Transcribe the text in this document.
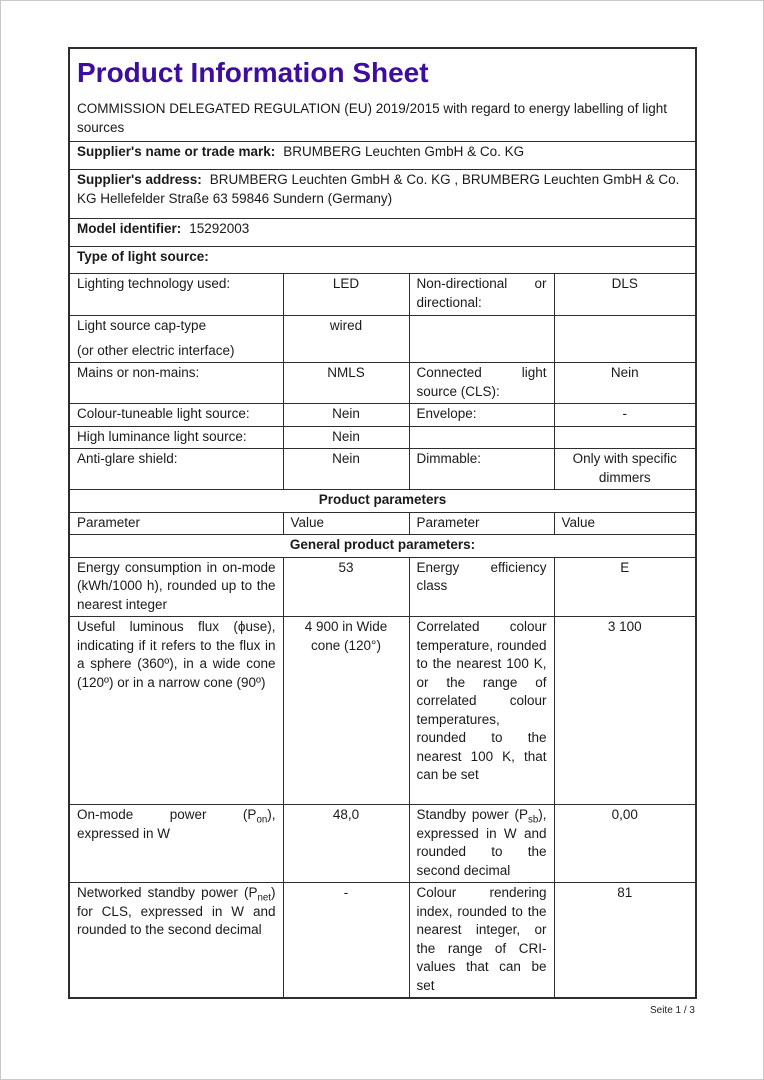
Product Information Sheet

COMMISSION DELEGATED REGULATION (EU) 2019/2015 with regard to energy labelling of light sources			

Supplier's name or trade mark: BRUMBERG Leuchten GmbH & Co. KG			
Supplier's address: BRUMBERG Leuchten GmbH & Co. KG , BRUMBERG Leuchten GmbH & Co. KG Hellefelder Straße 63 59846 Sundern (Germany)			
Model identifier: 15292003			
Type of light source:			
Lighting technology used:	LED	Non-directional or directional:	DLS

Light source cap-type
(or other electric interface)	wired		
Mains or non-mains:	NMLS	Connected light source (CLS):	Nein
Colour-tuneable light source:	Nein	Envelope:	-
High luminance light source:	Nein		
Anti-glare shield:	Nein	Dimmable:	Only with specific dimmers
Product parameters			
Parameter	Value	Parameter	Value
General product parameters:			
Energy consumption in on-mode (kWh/1000 h), rounded up to the nearest integer	53	Energy efficiency class	E
Useful luminous flux (ϕuse), indicating if it refers to the flux in a sphere (360º), in a wide cone (120º) or in a narrow cone (90º)	4 900 in Wide cone (120°)	Correlated colour temperature, rounded to the nearest 100 K, or the range of correlated colour temperatures, rounded to the nearest 100 K, that can be set	3 100
On-mode power $(P_{on})$, expressed in W	48,0	Standby power $(P_{sb})$, expressed in W and rounded to the second decimal	0,00
Networked standby power $(P_{net})$ for CLS, expressed in W and rounded to the second decimal	-	Colour rendering index, rounded to the nearest integer, or the range of CRI-values that can be set	81
Seite 1 / 3
